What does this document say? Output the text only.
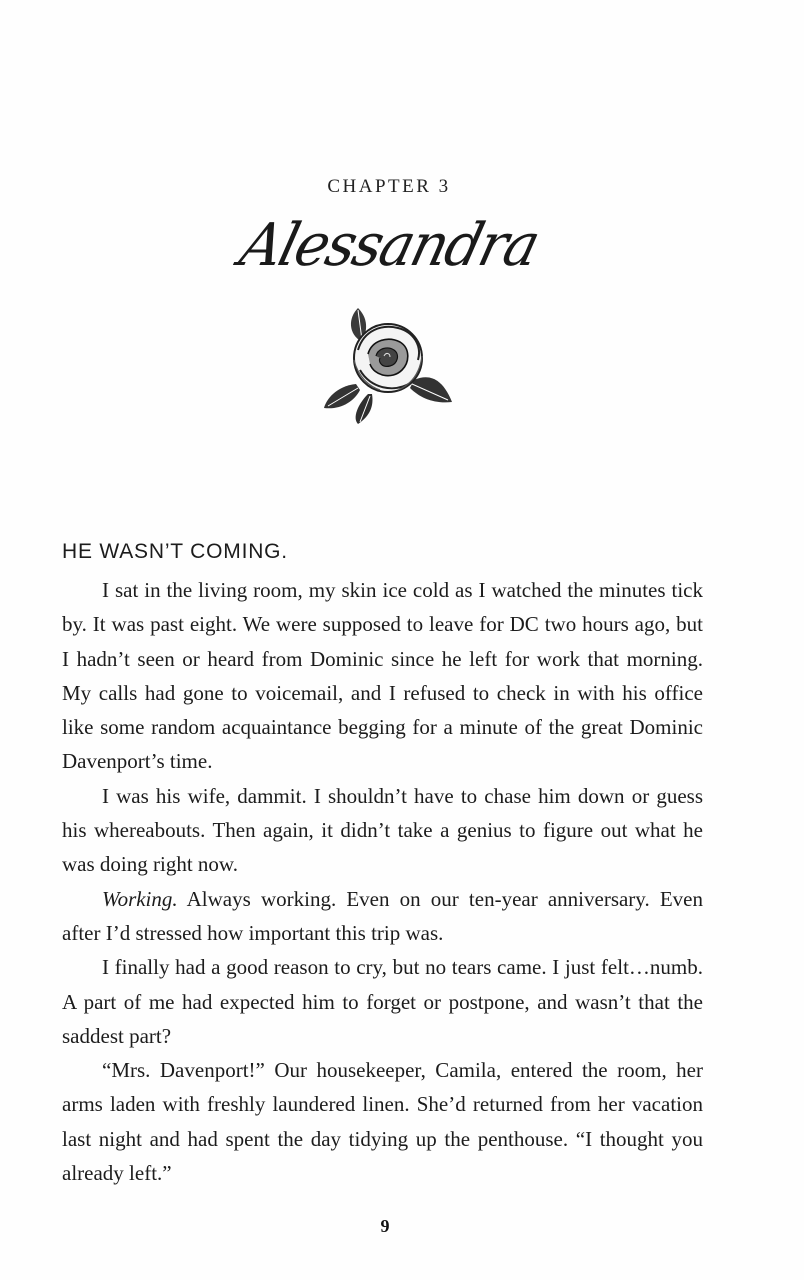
CHAPTER 3
Alessandra
HE WASN’T COMING.

I sat in the living room, my skin ice cold as I watched the minutes tick by. It was past eight. We were supposed to leave for DC two hours ago, but I hadn’t seen or heard from Dominic since he left for work that morning. My calls had gone to voicemail, and I refused to check in with his office like some random acquaintance begging for a minute of the great Dominic Davenport’s time.

I was his wife, dammit. I shouldn’t have to chase him down or guess his whereabouts. Then again, it didn’t take a genius to figure out what he was doing right now.

Working. Always working. Even on our ten-year anniversary. Even after I’d stressed how important this trip was.

I finally had a good reason to cry, but no tears came. I just felt…numb. A part of me had expected him to forget or postpone, and wasn’t that the saddest part?

“Mrs. Davenport!” Our housekeeper, Camila, entered the room, her arms laden with freshly laundered linen. She’d returned from her vacation last night and had spent the day tidying up the penthouse. “I thought you already left.”

9
